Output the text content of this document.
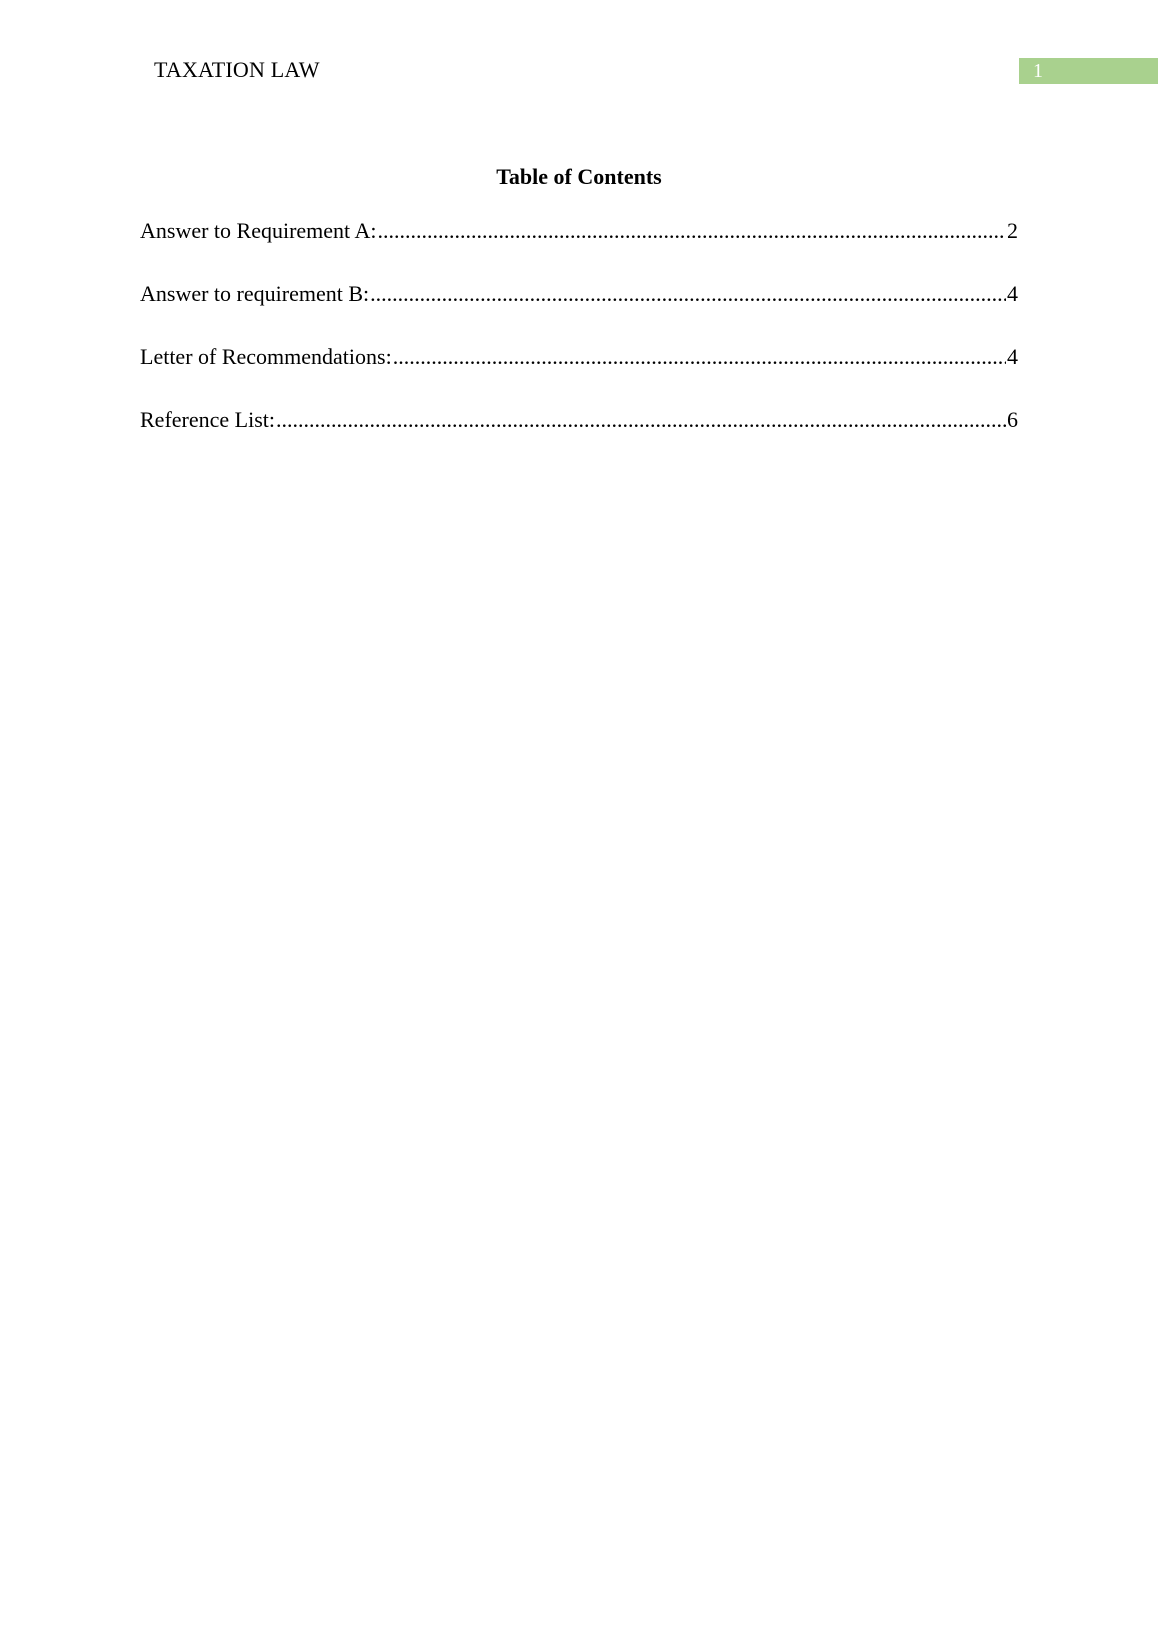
TAXATION LAW	1
Table of Contents
Answer to Requirement A: .....	2
Answer to requirement B: .....	4
Letter of Recommendations: .....	4
Reference List: .....	6
